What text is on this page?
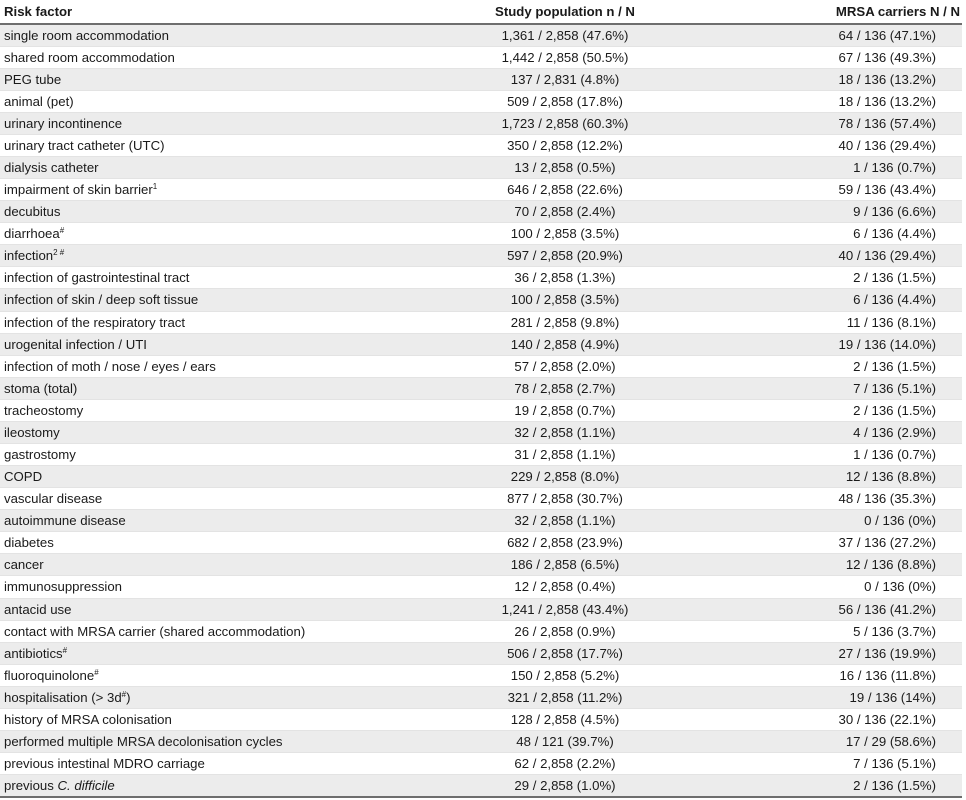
Risk factor	Study population n / N	MRSA carriers N / N
single room accommodation	1,361 / 2,858 (47.6%)	64 / 136 (47.1%)
shared room accommodation	1,442 / 2,858 (50.5%)	67 / 136 (49.3%)
PEG tube	137 / 2,831 (4.8%)	18 / 136 (13.2%)
animal (pet)	509 / 2,858 (17.8%)	18 / 136 (13.2%)
urinary incontinence	1,723 / 2,858 (60.3%)	78 / 136 (57.4%)
urinary tract catheter (UTC)	350 / 2,858 (12.2%)	40 / 136 (29.4%)
dialysis catheter	13 / 2,858 (0.5%)	1 / 136 (0.7%)
impairment of skin barrier$^1$	646 / 2,858 (22.6%)	59 / 136 (43.4%)
decubitus	70 / 2,858 (2.4%)	9 / 136 (6.6%)
diarrhoea#	100 / 2,858 (3.5%)	6 / 136 (4.4%)
infection$^{2 \#}$	597 / 2,858 (20.9%)	40 / 136 (29.4%)
infection of gastrointestinal tract	36 / 2,858 (1.3%)	2 / 136 (1.5%)
infection of skin / deep soft tissue	100 / 2,858 (3.5%)	6 / 136 (4.4%)
infection of the respiratory tract	281 / 2,858 (9.8%)	11 / 136 (8.1%)
urogenital infection / UTI	140 / 2,858 (4.9%)	19 / 136 (14.0%)
infection of moth / nose / eyes / ears	57 / 2,858 (2.0%)	2 / 136 (1.5%)
stoma (total)	78 / 2,858 (2.7%)	7 / 136 (5.1%)
tracheostomy	19 / 2,858 (0.7%)	2 / 136 (1.5%)
ileostomy	32 / 2,858 (1.1%)	4 / 136 (2.9%)
gastrostomy	31 / 2,858 (1.1%)	1 / 136 (0.7%)
COPD	229 / 2,858 (8.0%)	12 / 136 (8.8%)
vascular disease	877 / 2,858 (30.7%)	48 / 136 (35.3%)
autoimmune disease	32 / 2,858 (1.1%)	0 / 136 (0%)
diabetes	682 / 2,858 (23.9%)	37 / 136 (27.2%)
cancer	186 / 2,858 (6.5%)	12 / 136 (8.8%)
immunosuppression	12 / 2,858 (0.4%)	0 / 136 (0%)
antacid use	1,241 / 2,858 (43.4%)	56 / 136 (41.2%)
contact with MRSA carrier (shared accommodation)	26 / 2,858 (0.9%)	5 / 136 (3.7%)
antibiotics#	506 / 2,858 (17.7%)	27 / 136 (19.9%)
fluoroquinolone#	150 / 2,858 (5.2%)	16 / 136 (11.8%)
hospitalisation (> 3d#)	321 / 2,858 (11.2%)	19 / 136 (14%)
history of MRSA colonisation	128 / 2,858 (4.5%)	30 / 136 (22.1%)
performed multiple MRSA decolonisation cycles	48 / 121 (39.7%)	17 / 29 (58.6%)
previous intestinal MDRO carriage	62 / 2,858 (2.2%)	7 / 136 (5.1%)
previous C. difficile	29 / 2,858 (1.0%)	2 / 136 (1.5%)
